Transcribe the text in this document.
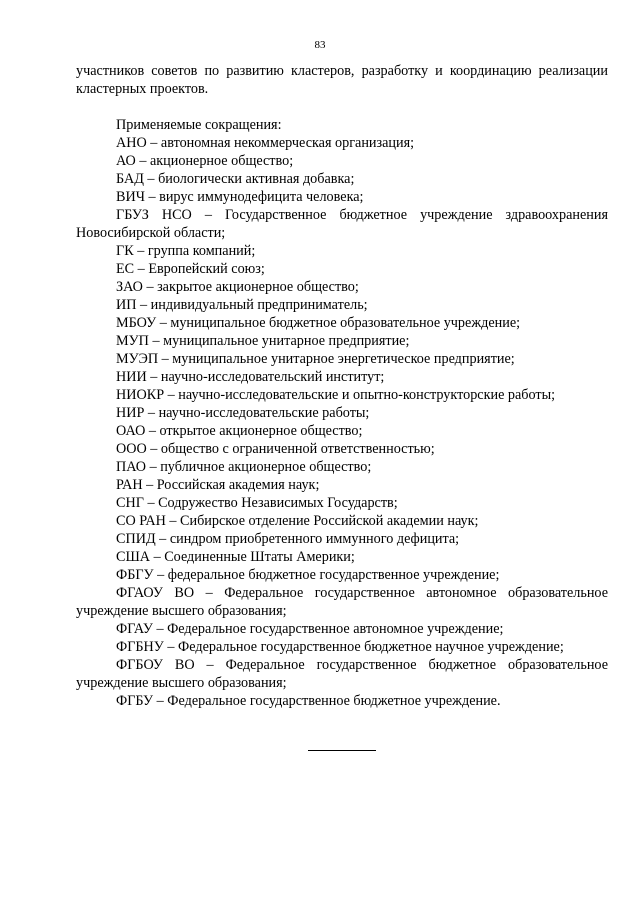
83

участников советов по развитию кластеров, разработку и координацию реализации кластерных проектов.

Применяемые сокращения:

АНО – автономная некоммерческая организация;

АО – акционерное общество;

БАД – биологически активная добавка;

ВИЧ – вирус иммунодефицита человека;

ГБУЗ НСО – Государственное бюджетное учреждение здравоохранения Новосибирской области;

ГК – группа компаний;

ЕС – Европейский союз;

ЗАО – закрытое акционерное общество;

ИП – индивидуальный предприниматель;

МБОУ – муниципальное бюджетное образовательное учреждение;

МУП – муниципальное унитарное предприятие;

МУЭП – муниципальное унитарное энергетическое предприятие;

НИИ – научно-исследовательский институт;

НИОКР – научно-исследовательские и опытно-конструкторские работы;

НИР – научно-исследовательские работы;

ОАО – открытое акционерное общество;

ООО – общество с ограниченной ответственностью;

ПАО – публичное акционерное общество;

РАН – Российская академия наук;

СНГ – Содружество Независимых Государств;

СО РАН – Сибирское отделение Российской академии наук;

СПИД – синдром приобретенного иммунного дефицита;

США – Соединенные Штаты Америки;

ФБГУ – федеральное бюджетное государственное учреждение;

ФГАОУ ВО – Федеральное государственное автономное образовательное учреждение высшего образования;

ФГАУ – Федеральное государственное автономное учреждение;

ФГБНУ – Федеральное государственное бюджетное научное учреждение;

ФГБОУ ВО – Федеральное государственное бюджетное образовательное учреждение высшего образования;

ФГБУ – Федеральное государственное бюджетное учреждение.
